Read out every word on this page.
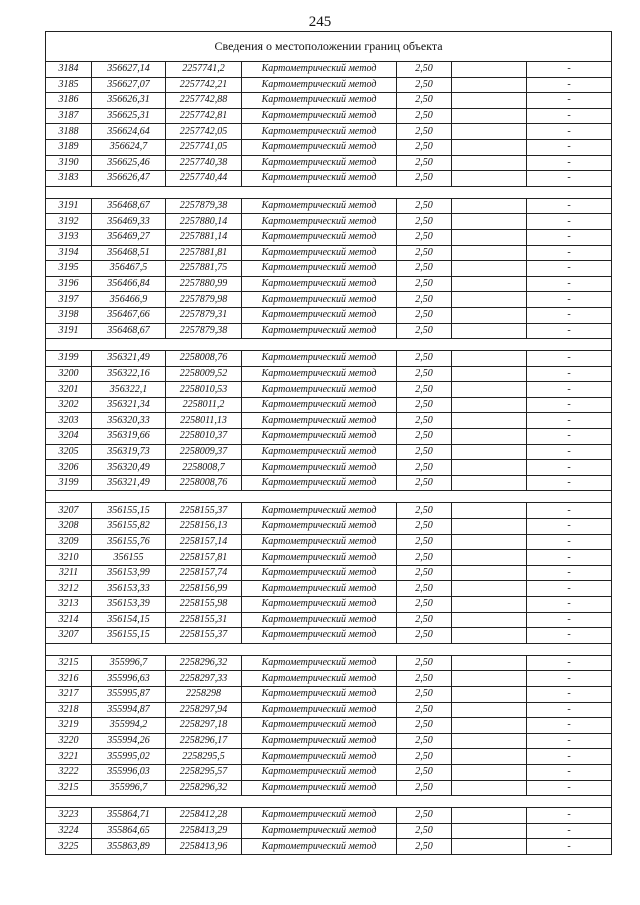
245
Сведения о местоположении границ объекта						
3184	356627,14	2257741,2	Картометрический метод	2,50		-
3185	356627,07	2257742,21	Картометрический метод	2,50		-
3186	356626,31	2257742,88	Картометрический метод	2,50		-
3187	356625,31	2257742,81	Картометрический метод	2,50		-
3188	356624,64	2257742,05	Картометрический метод	2,50		-
3189	356624,7	2257741,05	Картометрический метод	2,50		-
3190	356625,46	2257740,38	Картометрический метод	2,50		-
3183	356626,47	2257740,44	Картометрический метод	2,50		-

3191	356468,67	2257879,38	Картометрический метод	2,50		-
3192	356469,33	2257880,14	Картометрический метод	2,50		-
3193	356469,27	2257881,14	Картометрический метод	2,50		-
3194	356468,51	2257881,81	Картометрический метод	2,50		-
3195	356467,5	2257881,75	Картометрический метод	2,50		-
3196	356466,84	2257880,99	Картометрический метод	2,50		-
3197	356466,9	2257879,98	Картометрический метод	2,50		-
3198	356467,66	2257879,31	Картометрический метод	2,50		-
3191	356468,67	2257879,38	Картометрический метод	2,50		-

3199	356321,49	2258008,76	Картометрический метод	2,50		-
3200	356322,16	2258009,52	Картометрический метод	2,50		-
3201	356322,1	2258010,53	Картометрический метод	2,50		-
3202	356321,34	2258011,2	Картометрический метод	2,50		-
3203	356320,33	2258011,13	Картометрический метод	2,50		-
3204	356319,66	2258010,37	Картометрический метод	2,50		-
3205	356319,73	2258009,37	Картометрический метод	2,50		-
3206	356320,49	2258008,7	Картометрический метод	2,50		-
3199	356321,49	2258008,76	Картометрический метод	2,50		-

3207	356155,15	2258155,37	Картометрический метод	2,50		-
3208	356155,82	2258156,13	Картометрический метод	2,50		-
3209	356155,76	2258157,14	Картометрический метод	2,50		-
3210	356155	2258157,81	Картометрический метод	2,50		-
3211	356153,99	2258157,74	Картометрический метод	2,50		-
3212	356153,33	2258156,99	Картометрический метод	2,50		-
3213	356153,39	2258155,98	Картометрический метод	2,50		-
3214	356154,15	2258155,31	Картометрический метод	2,50		-
3207	356155,15	2258155,37	Картометрический метод	2,50		-

3215	355996,7	2258296,32	Картометрический метод	2,50		-
3216	355996,63	2258297,33	Картометрический метод	2,50		-
3217	355995,87	2258298	Картометрический метод	2,50		-
3218	355994,87	2258297,94	Картометрический метод	2,50		-
3219	355994,2	2258297,18	Картометрический метод	2,50		-
3220	355994,26	2258296,17	Картометрический метод	2,50		-
3221	355995,02	2258295,5	Картометрический метод	2,50		-
3222	355996,03	2258295,57	Картометрический метод	2,50		-
3215	355996,7	2258296,32	Картометрический метод	2,50		-

3223	355864,71	2258412,28	Картометрический метод	2,50		-
3224	355864,65	2258413,29	Картометрический метод	2,50		-
3225	355863,89	2258413,96	Картометрический метод	2,50		-
